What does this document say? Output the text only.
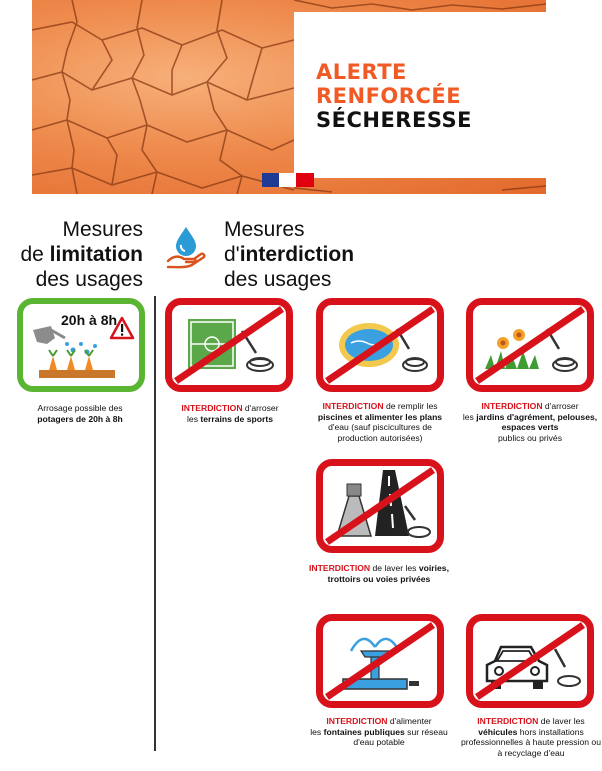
ALERTE
RENFORCÉE
SÉCHERESSE
Mesures
de limitation
des usages
Mesures
d'interdiction
des usages
20h à 8h
Arrosage possible des
potagers de 20h à 8h
INTERDICTION d'arroser
les terrains de sports
INTERDICTION de remplir les
piscines et alimenter les plans
d'eau (sauf piscicultures de production autorisées)
INTERDICTION d'arroser
les jardins d'agrément, pelouses, espaces verts
publics ou privés
INTERDICTION de laver les voiries, trottoirs ou voies privées
INTERDICTION d'alimenter
les fontaines publiques sur réseau d'eau potable
INTERDICTION de laver les
véhicules hors installations professionnelles à haute pression ou à recyclage d'eau
